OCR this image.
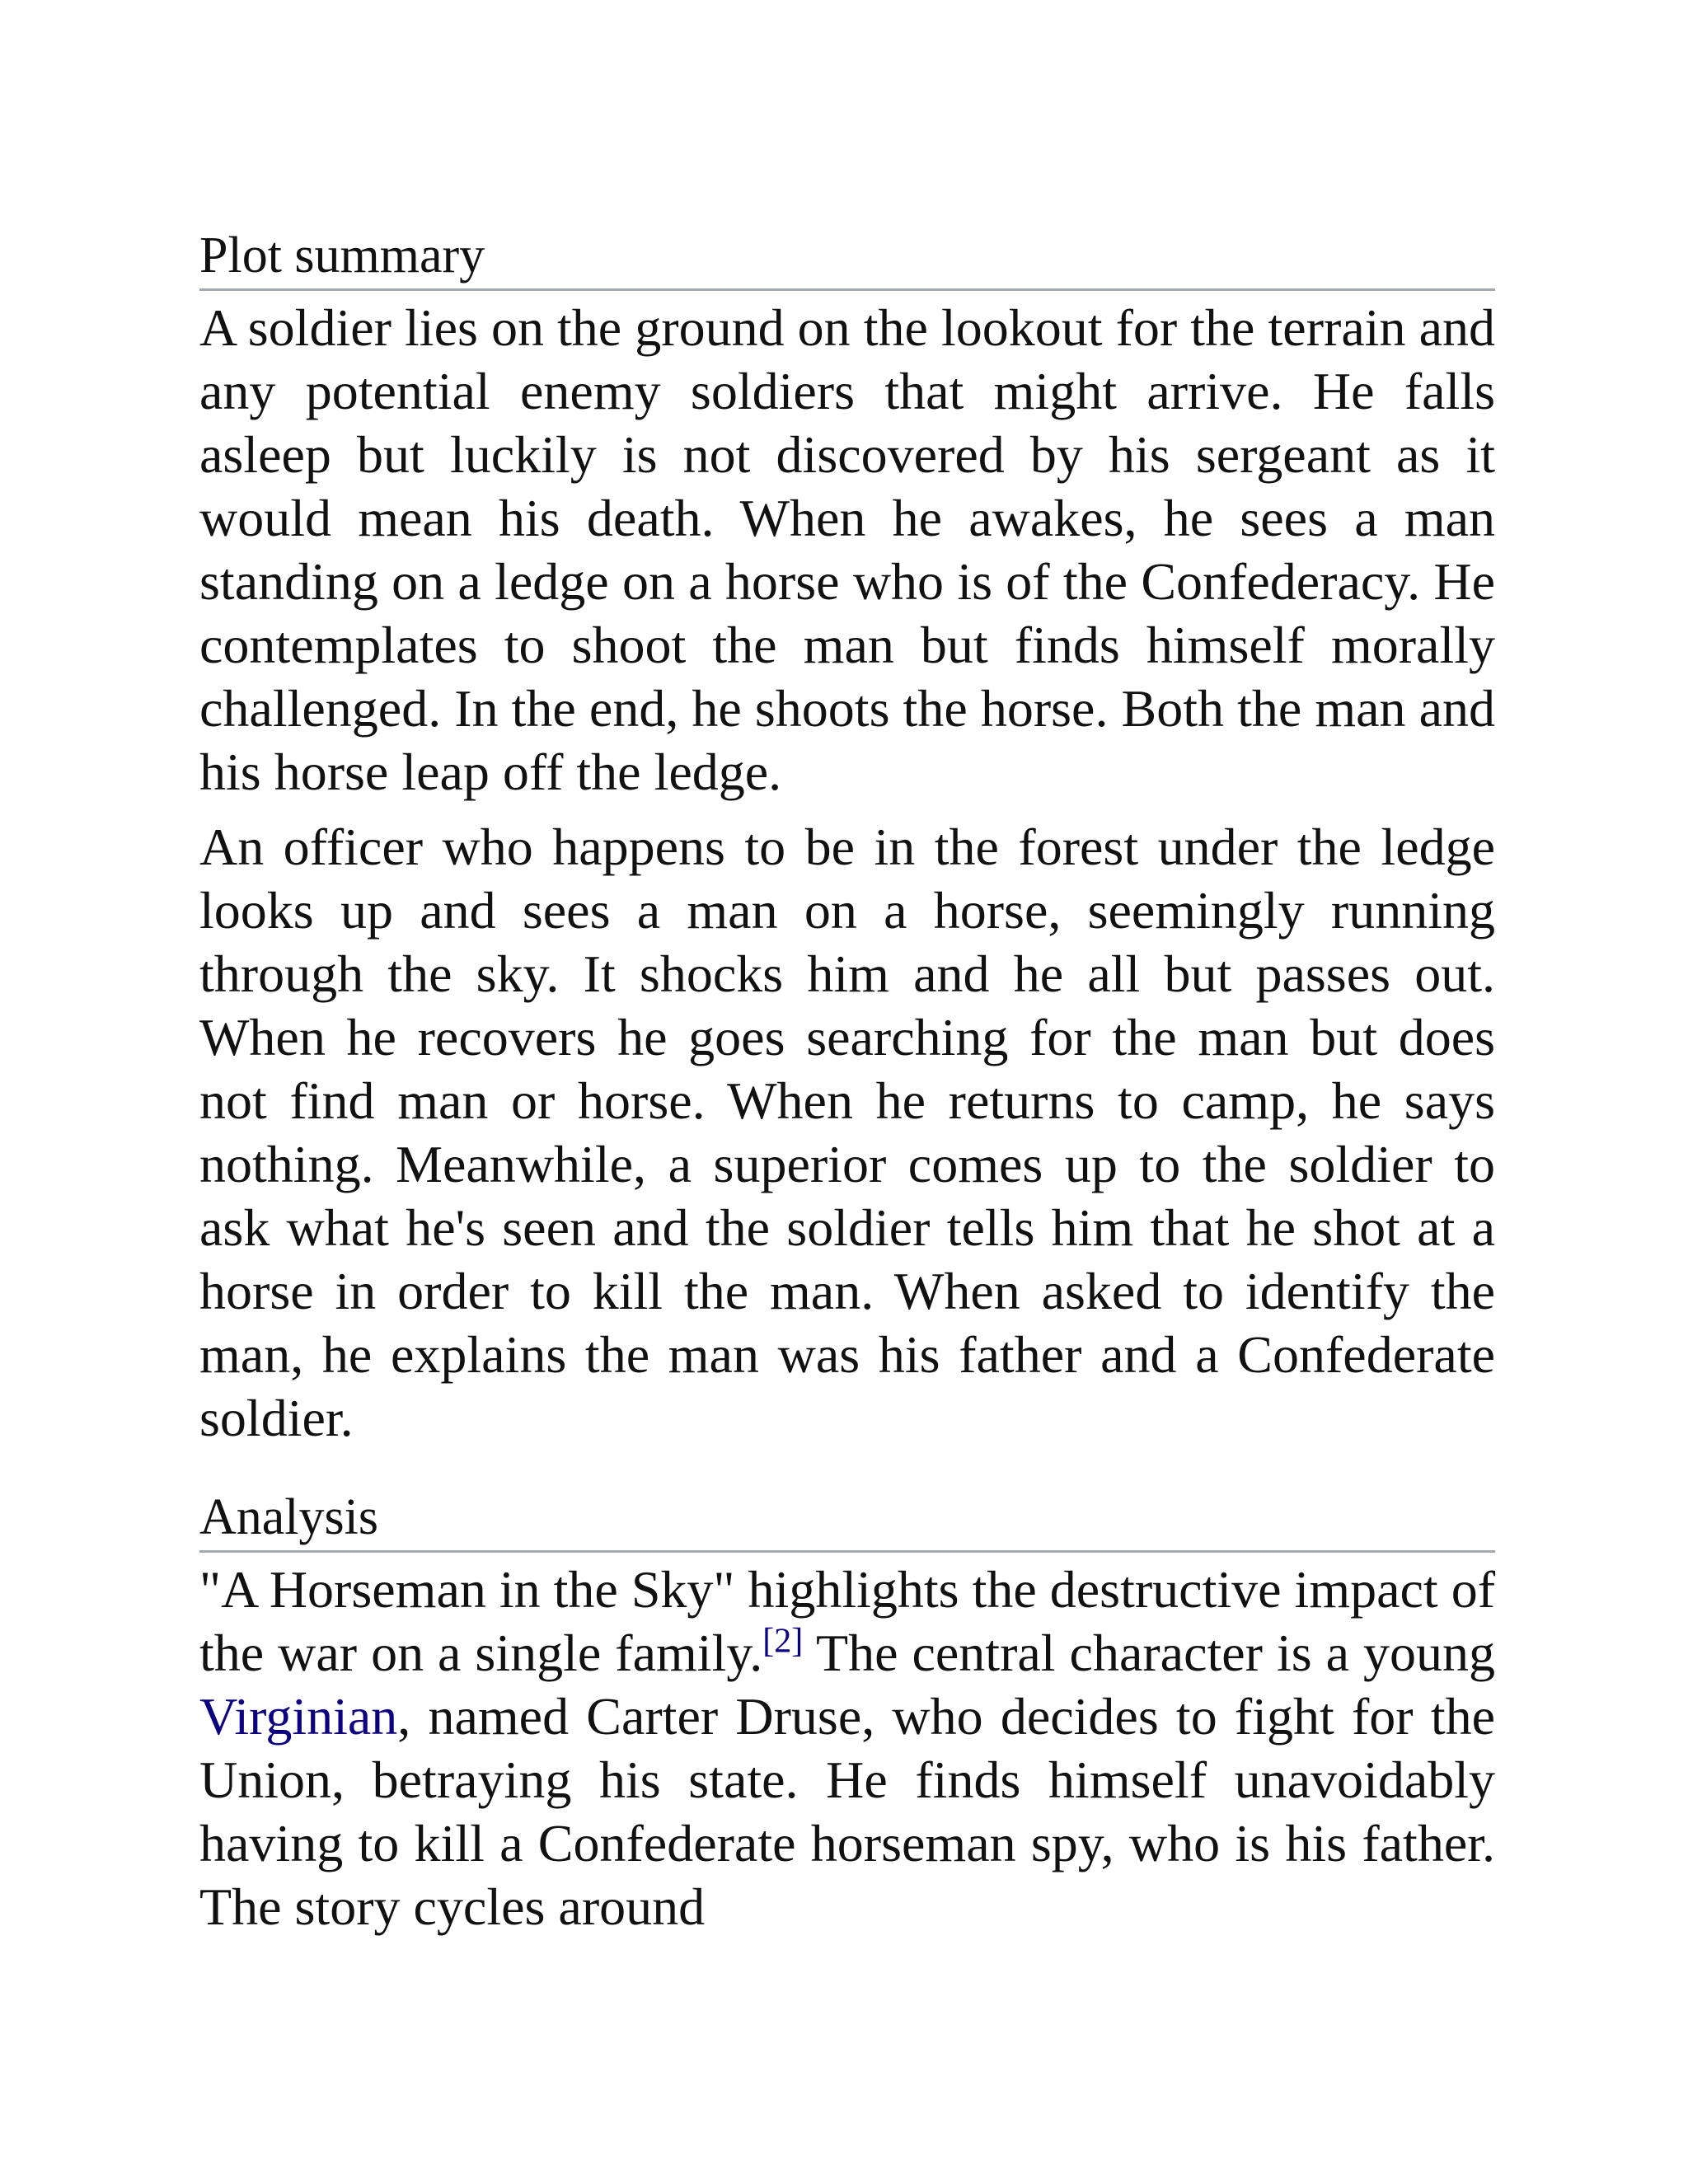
Plot summary

A soldier lies on the ground on the lookout for the terrain and any potential enemy soldiers that might arrive. He falls asleep but luckily is not discovered by his sergeant as it would mean his death. When he awakes, he sees a man standing on a ledge on a horse who is of the Confederacy. He contemplates to shoot the man but finds himself morally challenged. In the end, he shoots the horse. Both the man and his horse leap off the ledge.

An officer who happens to be in the forest under the ledge looks up and sees a man on a horse, seemingly running through the sky. It shocks him and he all but passes out. When he recovers he goes searching for the man but does not find man or horse. When he returns to camp, he says nothing. Meanwhile, a superior comes up to the soldier to ask what he's seen and the soldier tells him that he shot at a horse in order to kill the man. When asked to identify the man, he explains the man was his father and a Confederate soldier.

Analysis

"A Horseman in the Sky" highlights the destructive impact of the war on a single family.[2] The central character is a young Virginian, named Carter Druse, who decides to fight for the Union, betraying his state. He finds himself unavoidably having to kill a Confederate horseman spy, who is his father. The story cycles around
